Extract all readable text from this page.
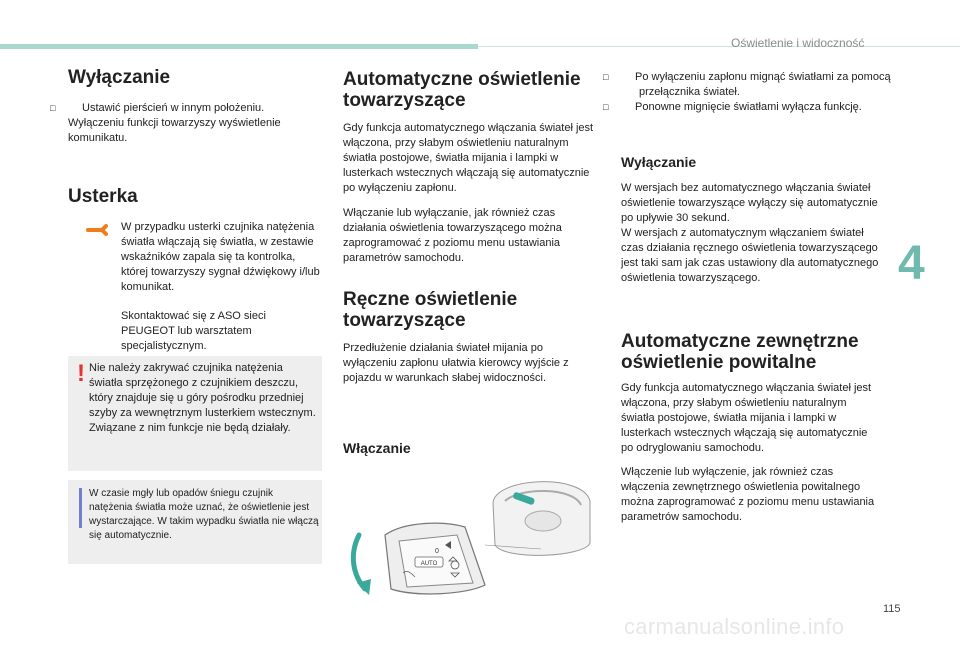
Oświetlenie i widoczność
4
115
carmanualsonline.info
Wyłączanie

□ Ustawić pierścień w innym położeniu.

Wyłączeniu funkcji towarzyszy wyświetlenie komunikatu.

Usterka

W przypadku usterki czujnika natężenia światła włączają się światła, w zestawie wskaźników zapala się ta kontrolka, której towarzyszy sygnał dźwiękowy i/lub komunikat.

Skontaktować się z ASO sieci PEUGEOT lub warsztatem specjalistycznym.

! Nie należy zakrywać czujnika natężenia światła sprzężonego z czujnikiem deszczu, który znajduje się u góry pośrodku przedniej szyby za wewnętrznym lusterkiem wstecznym. Związane z nim funkcje nie będą działały.
W czasie mgły lub opadów śniegu czujnik natężenia światła może uznać, że oświetlenie jest wystarczające. W takim wypadku światła nie włączą się automatycznie.
Automatyczne oświetlenie
towarzyszące

Gdy funkcja automatycznego włączania świateł jest włączona, przy słabym oświetleniu naturalnym światła postojowe, światła mijania i lampki w lusterkach wstecznych włączają się automatycznie po wyłączeniu zapłonu.

Włączanie lub wyłączanie, jak również czas działania oświetlenia towarzyszącego można zaprogramować z poziomu menu ustawiania parametrów samochodu.

Ręczne oświetlenie
towarzyszące

Przedłużenie działania świateł mijania po wyłączeniu zapłonu ułatwia kierowcy wyjście z pojazdu w warunkach słabej widoczności.

Włączanie
AUTO
0

□ Po wyłączeniu zapłonu mignąć światłami za pomocą przełącznika świateł.

□ Ponowne mignięcie światłami wyłącza funkcję.

Wyłączanie

W wersjach bez automatycznego włączania świateł oświetlenie towarzyszące wyłączy się automatycznie po upływie 30 sekund.

W wersjach z automatycznym włączaniem świateł czas działania ręcznego oświetlenia towarzyszącego jest taki sam jak czas ustawiony dla automatycznego oświetlenia towarzyszącego.

Automatyczne zewnętrzne
oświetlenie powitalne

Gdy funkcja automatycznego włączania świateł jest włączona, przy słabym oświetleniu naturalnym światła postojowe, światła mijania i lampki w lusterkach wstecznych włączają się automatycznie po odryglowaniu samochodu.

Włączenie lub wyłączenie, jak również czas włączenia zewnętrznego oświetlenia powitalnego można zaprogramować z poziomu menu ustawiania parametrów samochodu.
